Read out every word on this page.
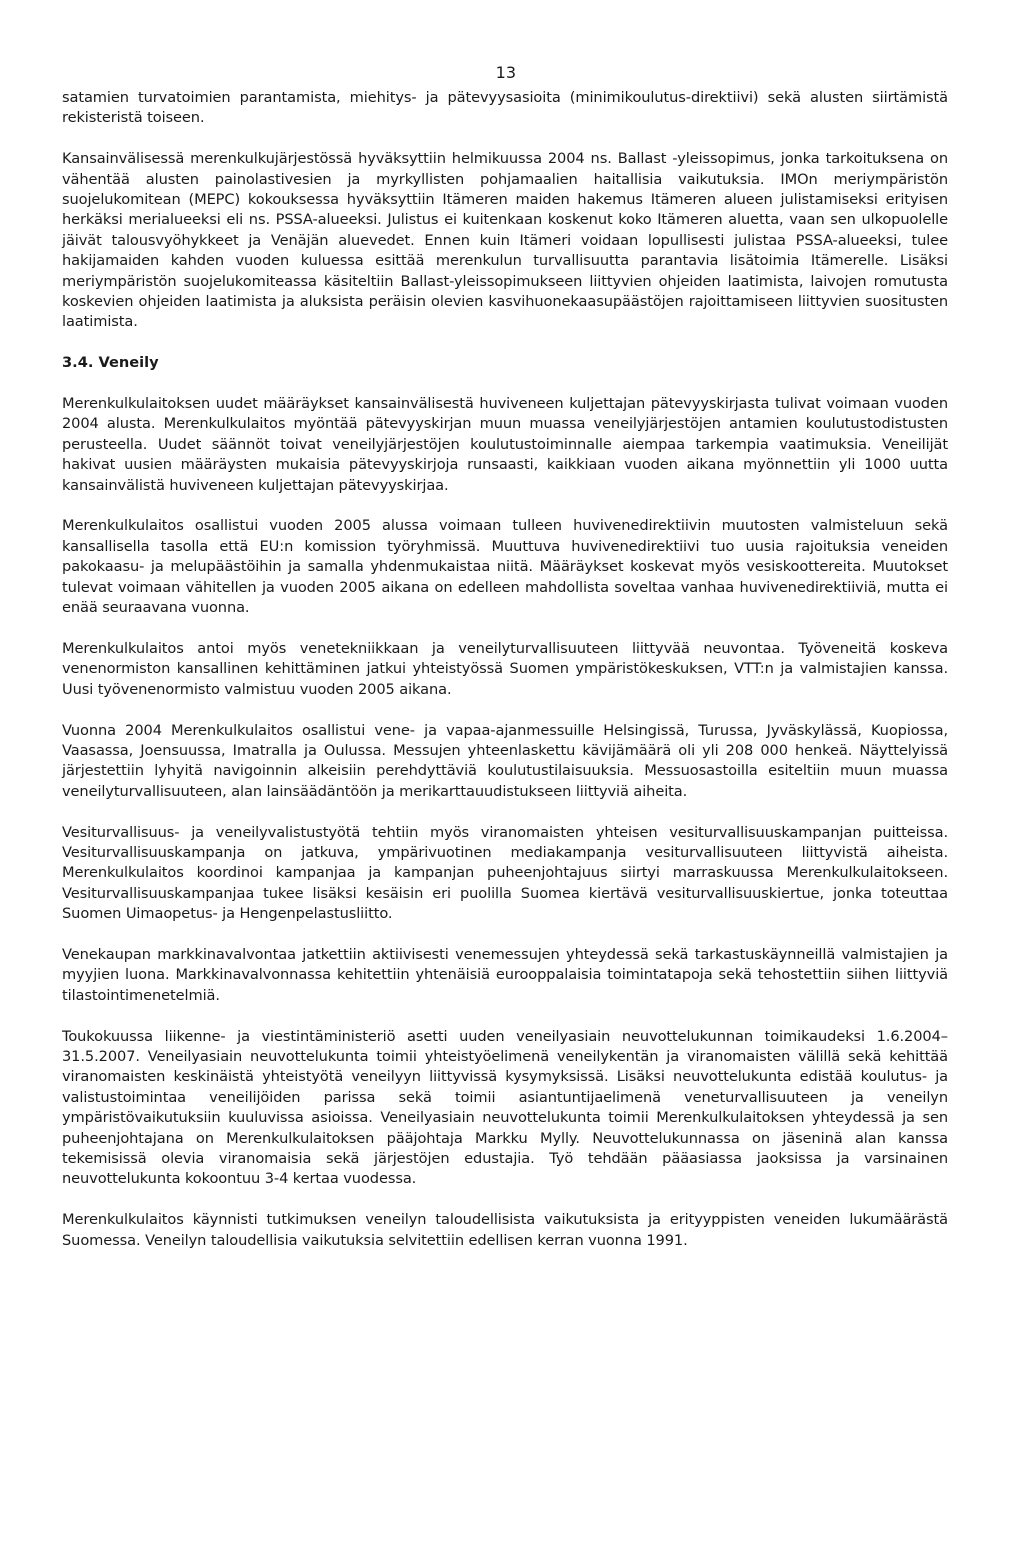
13

satamien turvatoimien parantamista, miehitys- ja pätevyysasioita (minimikoulutus-direktiivi) sekä alusten siirtämistä rekisteristä toiseen.

Kansainvälisessä merenkulkujärjestössä hyväksyttiin helmikuussa 2004 ns. Ballast -yleissopimus, jonka tarkoituksena on vähentää alusten painolastivesien ja myrkyllisten pohjamaalien haitallisia vaikutuksia. IMOn meriympäristön suojelukomitean (MEPC) kokouksessa hyväksyttiin Itämeren maiden hakemus Itämeren alueen julistamiseksi erityisen herkäksi merialueeksi eli ns. PSSA-alueeksi. Julistus ei kuitenkaan koskenut koko Itämeren aluetta, vaan sen ulkopuolelle jäivät talousvyöhykkeet ja Venäjän aluevedet. Ennen kuin Itämeri voidaan lopullisesti julistaa PSSA-alueeksi, tulee hakijamaiden kahden vuoden kuluessa esittää merenkulun turvallisuutta parantavia lisätoimia Itämerelle. Lisäksi meriympäristön suojelukomiteassa käsiteltiin Ballast-yleissopimukseen liittyvien ohjeiden laatimista, laivojen romutusta koskevien ohjeiden laatimista ja aluksista peräisin olevien kasvihuonekaasupäästöjen rajoittamiseen liittyvien suositusten laatimista.

3.4. Veneily

Merenkulkulaitoksen uudet määräykset kansainvälisestä huviveneen kuljettajan pätevyyskirjasta tulivat voimaan vuoden 2004 alusta. Merenkulkulaitos myöntää pätevyyskirjan muun muassa veneilyjärjestöjen antamien koulutustodistusten perusteella. Uudet säännöt toivat veneilyjärjestöjen koulutustoiminnalle aiempaa tarkempia vaatimuksia. Veneilijät hakivat uusien määräysten mukaisia pätevyyskirjoja runsaasti, kaikkiaan vuoden aikana myönnettiin yli 1000 uutta kansainvälistä huviveneen kuljettajan pätevyyskirjaa.

Merenkulkulaitos osallistui vuoden 2005 alussa voimaan tulleen huvivenedirektiivin muutosten valmisteluun sekä kansallisella tasolla että EU:n komission työryhmissä. Muuttuva huvivenedirektiivi tuo uusia rajoituksia veneiden pakokaasu- ja melupäästöihin ja samalla yhdenmukaistaa niitä. Määräykset koskevat myös vesiskoottereita. Muutokset tulevat voimaan vähitellen ja vuoden 2005 aikana on edelleen mahdollista soveltaa vanhaa huvivenedirektiiviä, mutta ei enää seuraavana vuonna.

Merenkulkulaitos antoi myös venetekniikkaan ja veneilyturvallisuuteen liittyvää neuvontaa. Työveneitä koskeva venenormiston kansallinen kehittäminen jatkui yhteistyössä Suomen ympäristökeskuksen, VTT:n ja valmistajien kanssa. Uusi työvenenormisto valmistuu vuoden 2005 aikana.

Vuonna 2004 Merenkulkulaitos osallistui vene- ja vapaa-ajanmessuille Helsingissä, Turussa, Jyväskylässä, Kuopiossa, Vaasassa, Joensuussa, Imatralla ja Oulussa. Messujen yhteenlaskettu kävijämäärä oli yli 208 000 henkeä. Näyttelyissä järjestettiin lyhyitä navigoinnin alkeisiin perehdyttäviä koulutustilaisuuksia. Messuosastoilla esiteltiin muun muassa veneilyturvallisuuteen, alan lainsäädäntöön ja merikarttauudistukseen liittyviä aiheita.

Vesiturvallisuus- ja veneilyvalistustyötä tehtiin myös viranomaisten yhteisen vesiturvallisuuskampanjan puitteissa. Vesiturvallisuuskampanja on jatkuva, ympärivuotinen mediakampanja vesiturvallisuuteen liittyvistä aiheista. Merenkulkulaitos koordinoi kampanjaa ja kampanjan puheenjohtajuus siirtyi marraskuussa Merenkulkulaitokseen. Vesiturvallisuuskampanjaa tukee lisäksi kesäisin eri puolilla Suomea kiertävä vesiturvallisuuskiertue, jonka toteuttaa Suomen Uimaopetus- ja Hengenpelastusliitto.

Venekaupan markkinavalvontaa jatkettiin aktiivisesti venemessujen yhteydessä sekä tarkastuskäynneillä valmistajien ja myyjien luona. Markkinavalvonnassa kehitettiin yhtenäisiä eurooppalaisia toimintatapoja sekä tehostettiin siihen liittyviä tilastointimenetelmiä.

Toukokuussa liikenne- ja viestintäministeriö asetti uuden veneilyasiain neuvottelukunnan toimikaudeksi 1.6.2004–31.5.2007. Veneilyasiain neuvottelukunta toimii yhteistyöelimenä veneilykentän ja viranomaisten välillä sekä kehittää viranomaisten keskinäistä yhteistyötä veneilyyn liittyvissä kysymyksissä. Lisäksi neuvottelukunta edistää koulutus- ja valistustoimintaa veneilijöiden parissa sekä toimii asiantuntijaelimenä veneturvallisuuteen ja veneilyn ympäristövaikutuksiin kuuluvissa asioissa. Veneilyasiain neuvottelukunta toimii Merenkulkulaitoksen yhteydessä ja sen puheenjohtajana on Merenkulkulaitoksen pääjohtaja Markku Mylly. Neuvottelukunnassa on jäseninä alan kanssa tekemisissä olevia viranomaisia sekä järjestöjen edustajia. Työ tehdään pääasiassa jaoksissa ja varsinainen neuvottelukunta kokoontuu 3-4 kertaa vuodessa.

Merenkulkulaitos käynnisti tutkimuksen veneilyn taloudellisista vaikutuksista ja erityyppisten veneiden lukumäärästä Suomessa. Veneilyn taloudellisia vaikutuksia selvitettiin edellisen kerran vuonna 1991.
